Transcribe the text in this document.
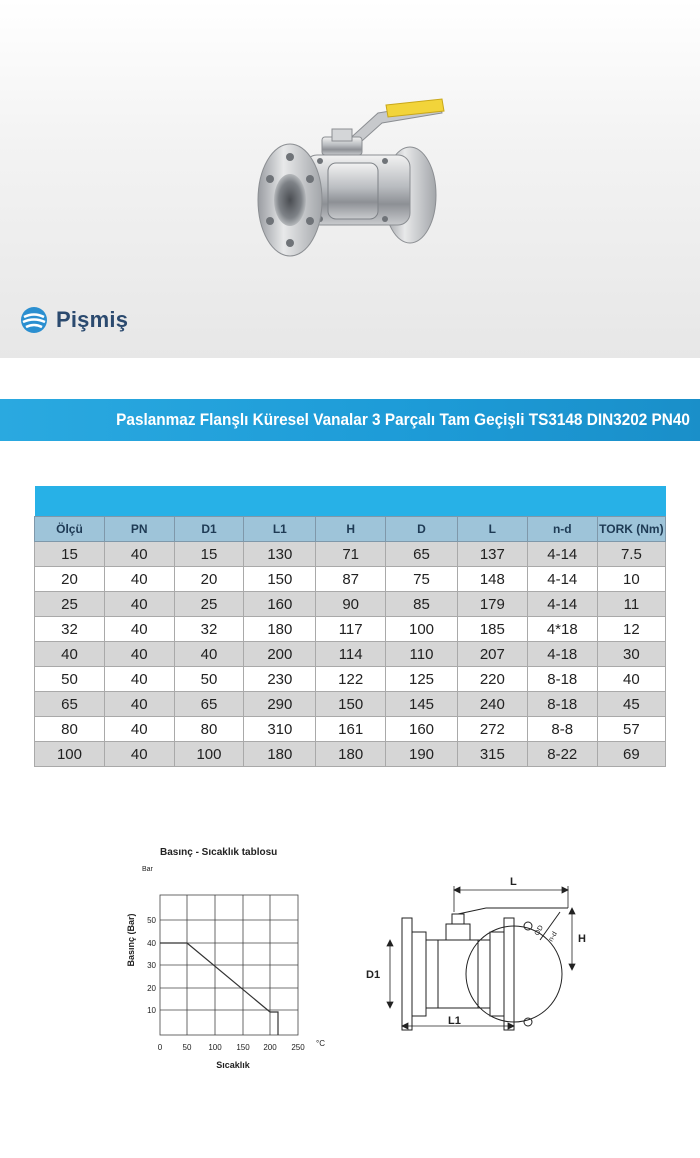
Pişmiş
Paslanmaz Flanşlı Küresel Vanalar 3 Parçalı Tam Geçişli TS3148 DIN3202 PN40

Ölçü	PN	D1	L1	H	D	L	n-d	TORK (Nm)
15	40	15	130	71	65	137	4-14	7.5
20	40	20	150	87	75	148	4-14	10
25	40	25	160	90	85	179	4-14	11
32	40	32	180	117	100	185	4*18	12
40	40	40	200	114	110	207	4-18	30
50	40	50	230	122	125	220	8-18	40
65	40	65	290	150	145	240	8-18	45
80	40	80	310	161	160	272	8-8	57
100	40	100	180	180	190	315	8-22	69
Basınç - Sıcaklık tablosu
Bar
Basınç (Bar) 50
40
30
20
10
0	50 100 150 200 250 °C
Sıcaklık
L
H
D1
L1
OD n-d
